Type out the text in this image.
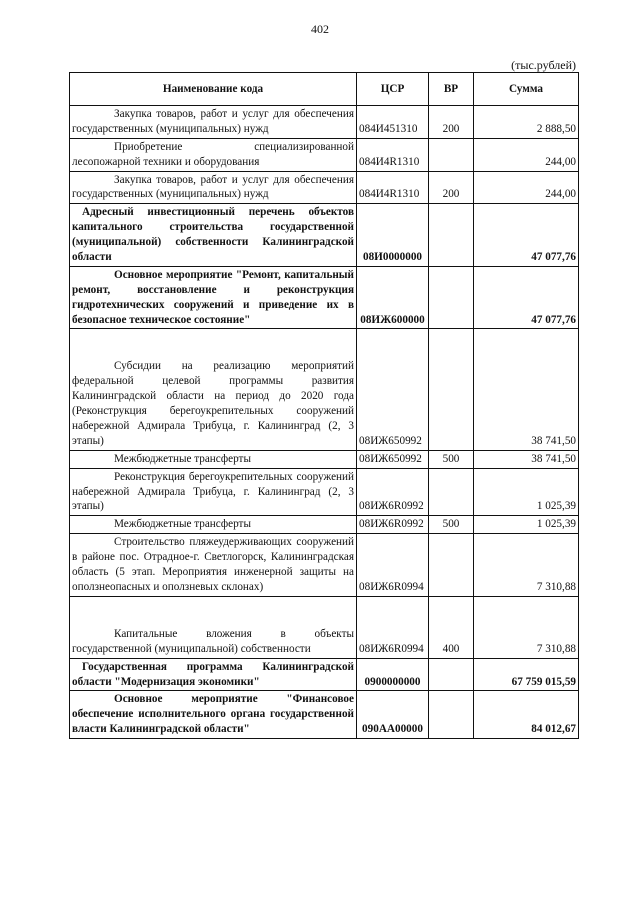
402
(тыс.рублей)
Наименование кода	ЦСР	ВР	Сумма
Закупка товаров, работ и услуг для обеспечения государственных (муниципальных) нужд	084И451310	200	2 888,50
Приобретение специализированной лесопожарной техники и оборудования	084И4R1310		244,00
Закупка товаров, работ и услуг для обеспечения государственных (муниципальных) нужд	084И4R1310	200	244,00
Адресный инвестиционный перечень объектов капитального строительства государственной (муниципальной) собственности Калининградской области	08И0000000		47 077,76
Основное мероприятие "Ремонт, капитальный ремонт, восстановление и реконструкция гидротехнических сооружений и приведение их в безопасное техническое состояние"	08ИЖ600000		47 077,76
Субсидии на реализацию мероприятий федеральной целевой программы развития Калининградской области на период до 2020 года (Реконструкция берегоукрепительных сооружений набережной Адмирала Трибуца, г. Калининград (2, 3 этапы)	08ИЖ650992		38 741,50
Межбюджетные трансферты	08ИЖ650992	500	38 741,50
Реконструкция берегоукрепительных сооружений набережной Адмирала Трибуца, г. Калининград (2, 3 этапы)	08ИЖ6R0992		1 025,39
Межбюджетные трансферты	08ИЖ6R0992	500	1 025,39
Строительство пляжеудерживающих сооружений в районе пос. Отрадное-г. Светлогорск, Калининградская область (5 этап. Мероприятия инженерной защиты на оползнеопасных и оползневых склонах)	08ИЖ6R0994		7 310,88
Капитальные вложения в объекты государственной (муниципальной) собственности	08ИЖ6R0994	400	7 310,88
Государственная программа Калининградской области "Модернизация экономики"	0900000000		67 759 015,59
Основное мероприятие "Финансовое обеспечение исполнительного органа государственной власти Калининградской области"	090АА00000		84 012,67
